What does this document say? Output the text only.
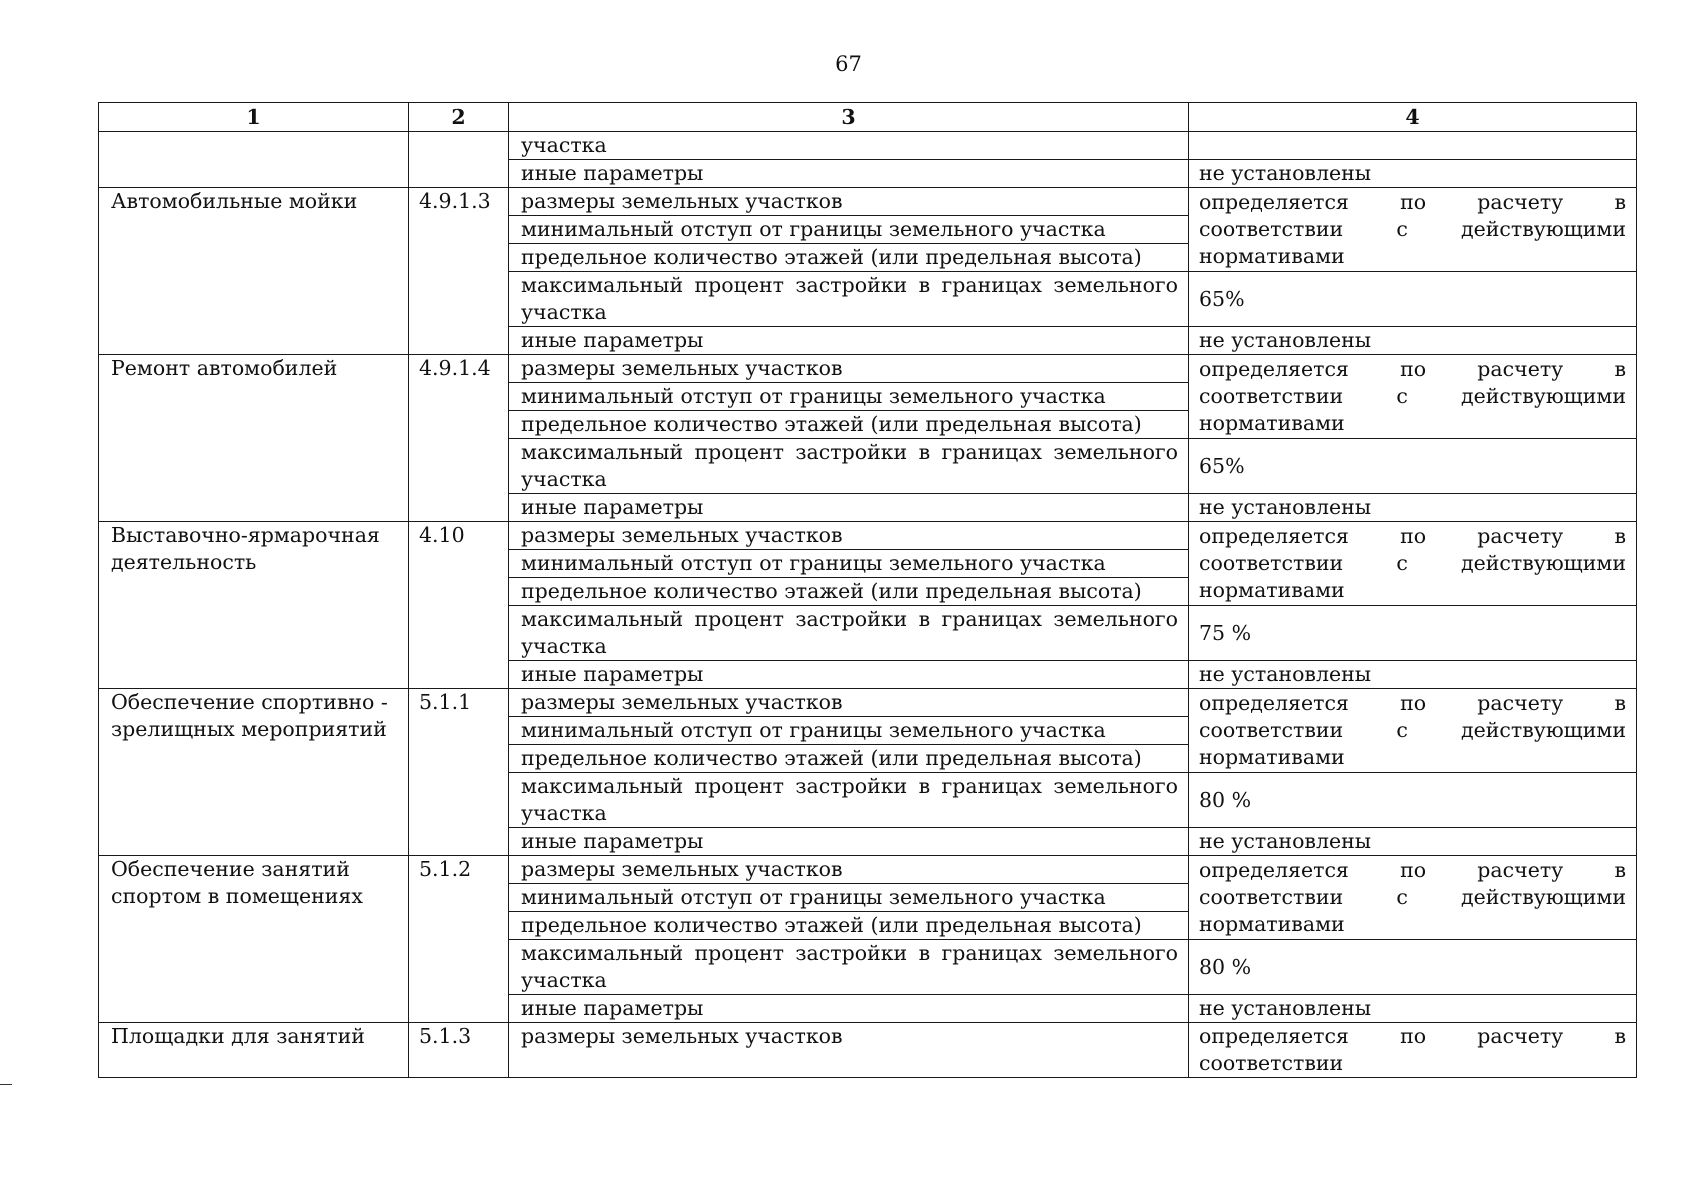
67
1	2	3	4
		участка	
		иные параметры	не установлены
Автомобильные мойки	4.9.1.3	размеры земельных участков	определяется по расчету в соответствии с действующими нормативами
		минимальный отступ от границы земельного участка	
		предельное количество этажей (или предельная высота)	
		максимальный процент застройки в границах земельного участка	65%
		иные параметры	не установлены
Ремонт автомобилей	4.9.1.4	размеры земельных участков	определяется по расчету в соответствии с действующими нормативами
		минимальный отступ от границы земельного участка	
		предельное количество этажей (или предельная высота)	
		максимальный процент застройки в границах земельного участка	65%
		иные параметры	не установлены
Выставочно-ярмарочная деятельность	4.10	размеры земельных участков	определяется по расчету в соответствии с действующими нормативами
		минимальный отступ от границы земельного участка	
		предельное количество этажей (или предельная высота)	
		максимальный процент застройки в границах земельного участка	75 %
		иные параметры	не установлены
Обеспечение спортивно - зрелищных мероприятий	5.1.1	размеры земельных участков	определяется по расчету в соответствии с действующими нормативами
		минимальный отступ от границы земельного участка	
		предельное количество этажей (или предельная высота)	
		максимальный процент застройки в границах земельного участка	80 %
		иные параметры	не установлены
Обеспечение занятий спортом в помещениях	5.1.2	размеры земельных участков	определяется по расчету в соответствии с действующими нормативами
		минимальный отступ от границы земельного участка	
		предельное количество этажей (или предельная высота)	
		максимальный процент застройки в границах земельного участка	80 %
		иные параметры	не установлены
Площадки для занятий	5.1.3	размеры земельных участков	определяется по расчету в соответствии
